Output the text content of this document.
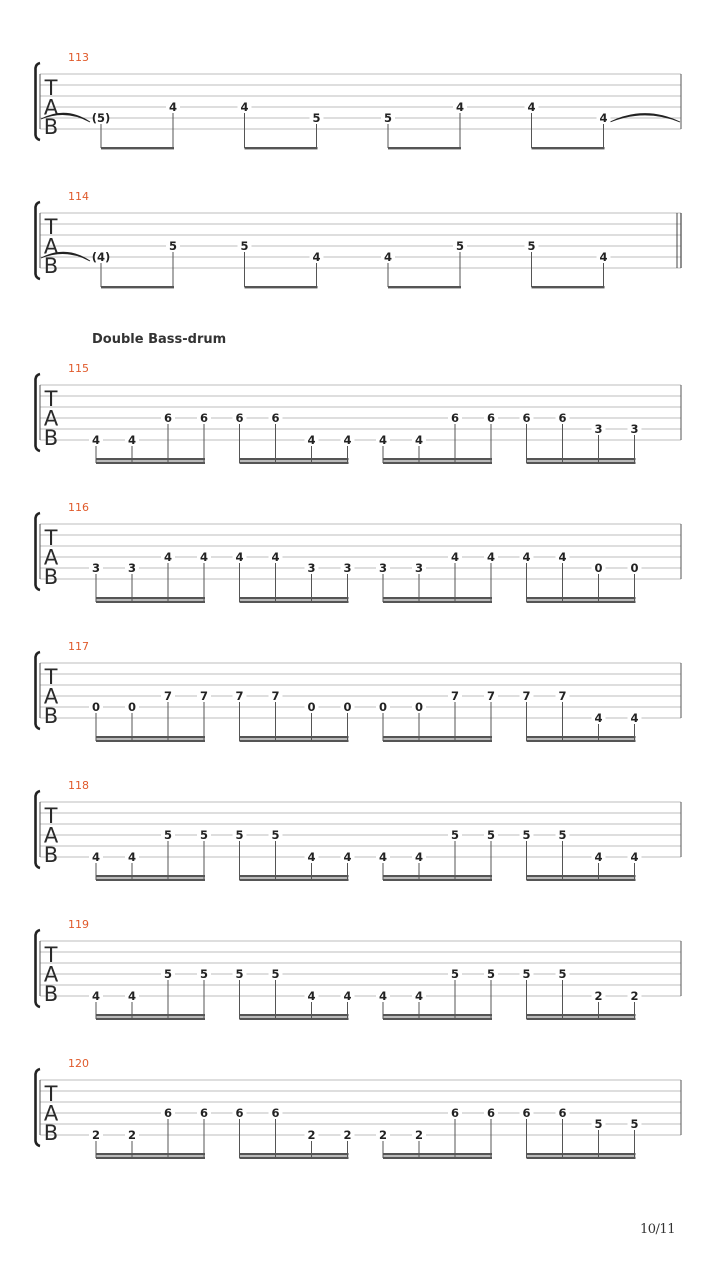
T
A
B
113
(5)
4	4
5	5
4	4
4
T
A
B
114
(4)
5	5
4	4
5	5
4
T
A
B
115
4 4
6 6 6 6
4 4 4 4
6 6 6 6
3 3
T
A
B
116
3 3
4 4 4 4
3 3 3 3
4 4 4 4
0 0
T
A
B
117
0 0
7 7 7 7
0 0 0 0
7 7 7 7
4 4
T
A
B
118
4 4
5 5 5 5
4 4 4 4
5 5 5 5
4 4
T
A
B
119
4 4
5 5 5 5
4 4 4 4
5 5 5 5
2 2
T
A
B
120
2 2
6 6 6 6
2 2 2 2
6 6 6 6
5 5
Double Bass-drum
10/11
